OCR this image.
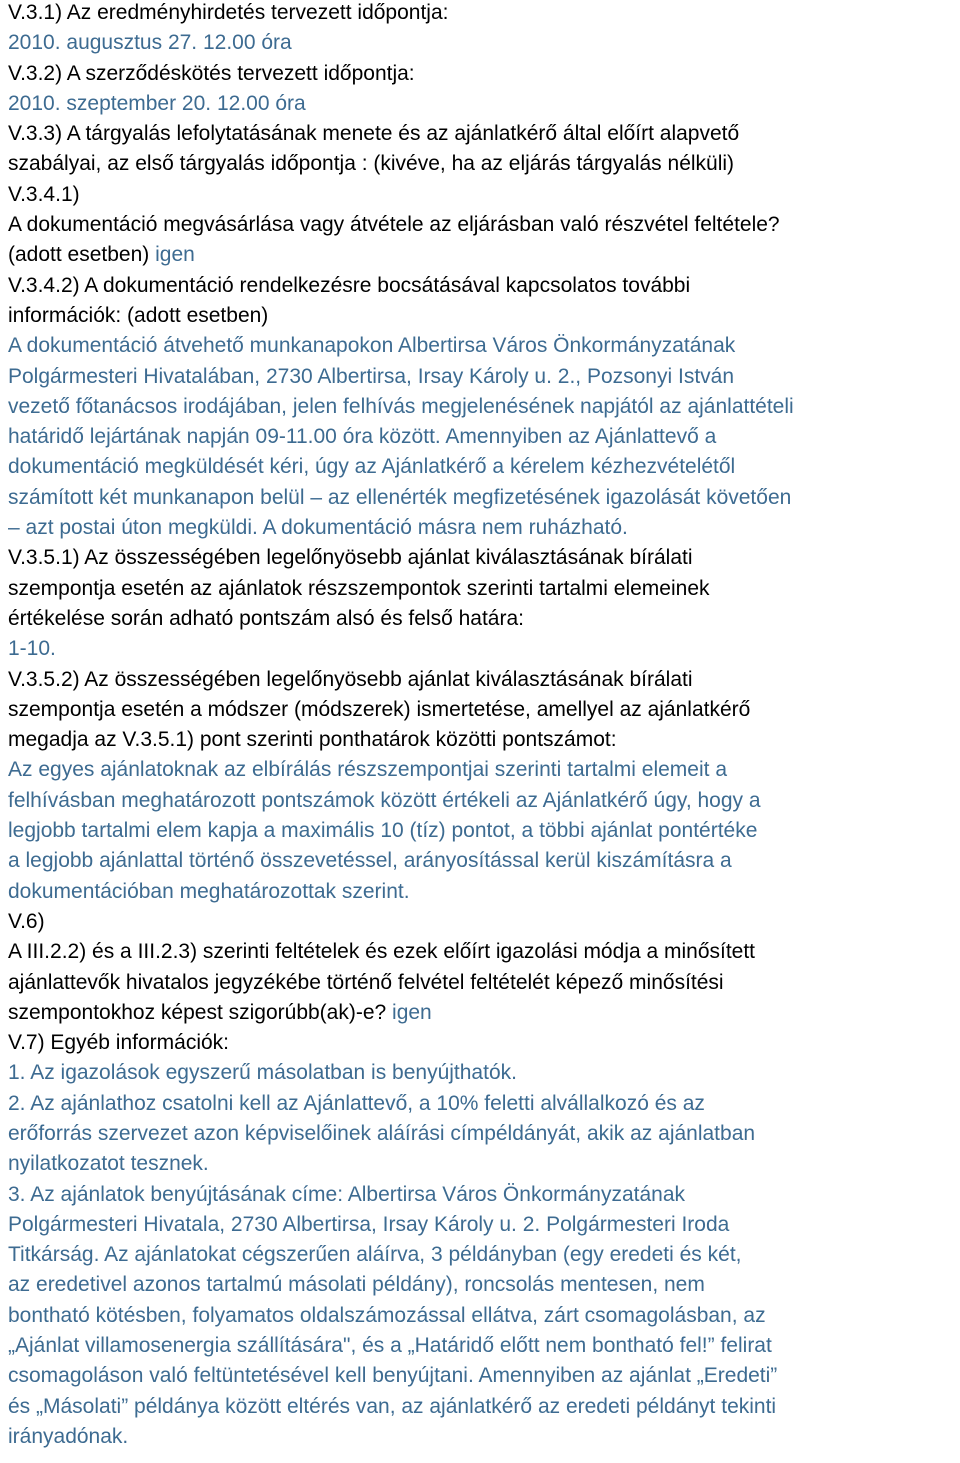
V.3.1) Az eredményhirdetés tervezett időpontja:

2010. augusztus 27. 12.00 óra

V.3.2) A szerződéskötés tervezett időpontja:

2010. szeptember 20. 12.00 óra

V.3.3) A tárgyalás lefolytatásának menete és az ajánlatkérő által előírt alapvető

szabályai, az első tárgyalás időpontja : (kivéve, ha az eljárás tárgyalás nélküli)

V.3.4.1)

A dokumentáció megvásárlása vagy átvétele az eljárásban való részvétel feltétele?

(adott esetben) igen

V.3.4.2) A dokumentáció rendelkezésre bocsátásával kapcsolatos további

információk: (adott esetben)

A dokumentáció átvehető munkanapokon Albertirsa Város Önkormányzatának

Polgármesteri Hivatalában, 2730 Albertirsa, Irsay Károly u. 2., Pozsonyi István

vezető főtanácsos irodájában, jelen felhívás megjelenésének napjától az ajánlattételi

határidő lejártának napján 09-11.00 óra között. Amennyiben az Ajánlattevő a

dokumentáció megküldését kéri, úgy az Ajánlatkérő a kérelem kézhezvételétől

számított két munkanapon belül – az ellenérték megfizetésének igazolását követően

– azt postai úton megküldi. A dokumentáció másra nem ruházható.

V.3.5.1) Az összességében legelőnyösebb ajánlat kiválasztásának bírálati

szempontja esetén az ajánlatok részszempontok szerinti tartalmi elemeinek

értékelése során adható pontszám alsó és felső határa:

1-10.

V.3.5.2) Az összességében legelőnyösebb ajánlat kiválasztásának bírálati

szempontja esetén a módszer (módszerek) ismertetése, amellyel az ajánlatkérő

megadja az V.3.5.1) pont szerinti ponthatárok közötti pontszámot:

Az egyes ajánlatoknak az elbírálás részszempontjai szerinti tartalmi elemeit a

felhívásban meghatározott pontszámok között értékeli az Ajánlatkérő úgy, hogy a

legjobb tartalmi elem kapja a maximális 10 (tíz) pontot, a többi ajánlat pontértéke

a legjobb ajánlattal történő összevetéssel, arányosítással kerül kiszámításra a

dokumentációban meghatározottak szerint.

V.6)

A III.2.2) és a III.2.3) szerinti feltételek és ezek előírt igazolási módja a minősített

ajánlattevők hivatalos jegyzékébe történő felvétel feltételét képező minősítési

szempontokhoz képest szigorúbb(ak)-e? igen

V.7) Egyéb információk:

1. Az igazolások egyszerű másolatban is benyújthatók.

2. Az ajánlathoz csatolni kell az Ajánlattevő, a 10% feletti alvállalkozó és az

erőforrás szervezet azon képviselőinek aláírási címpéldányát, akik az ajánlatban

nyilatkozatot tesznek.

3. Az ajánlatok benyújtásának címe: Albertirsa Város Önkormányzatának

Polgármesteri Hivatala, 2730 Albertirsa, Irsay Károly u. 2. Polgármesteri Iroda

Titkárság. Az ajánlatokat cégszerűen aláírva, 3 példányban (egy eredeti és két,

az eredetivel azonos tartalmú másolati példány), roncsolás mentesen, nem

bontható kötésben, folyamatos oldalszámozással ellátva, zárt csomagolásban, az

„Ajánlat villamosenergia szállítására", és a „Határidő előtt nem bontható fel!” felirat

csomagoláson való feltüntetésével kell benyújtani. Amennyiben az ajánlat „Eredeti”

és „Másolati” példánya között eltérés van, az ajánlatkérő az eredeti példányt tekinti

irányadónak.
